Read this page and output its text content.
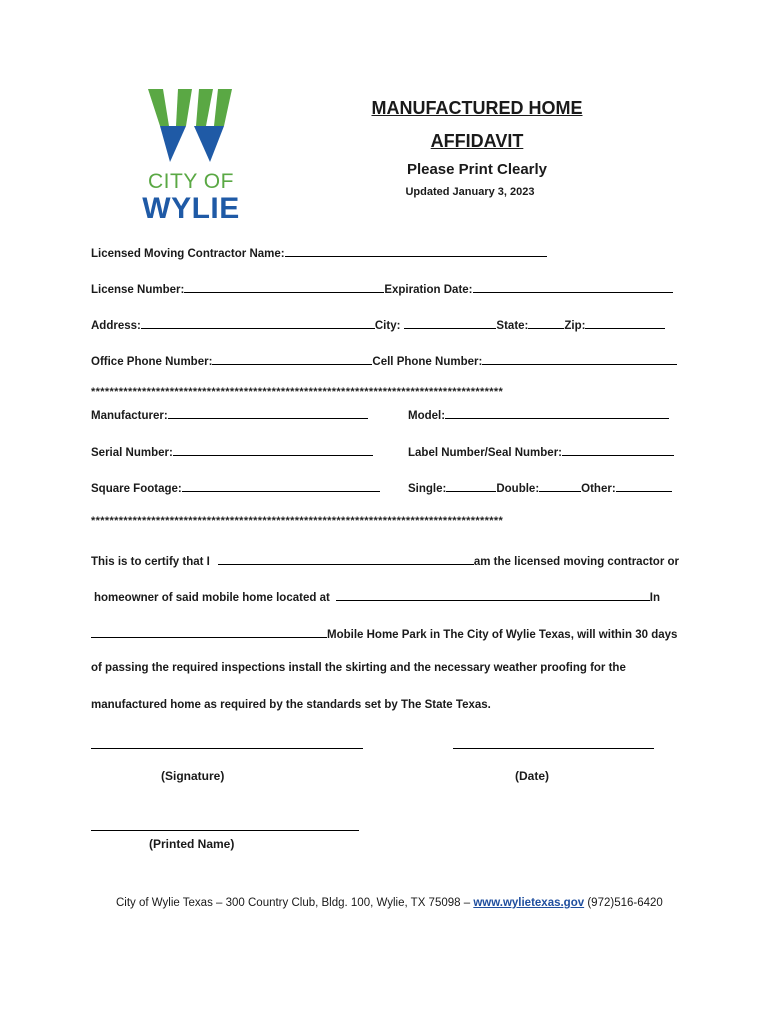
CITY OF
WYLIE
MANUFACTURED HOME
AFFIDAVIT
Please Print Clearly
Updated January 3, 2023
Licensed Moving Contractor Name:
License Number:	Expiration Date:
Address:	City:	State:	Zip:
Office Phone Number:	Cell Phone Number:
*****************************************************************************************
Manufacturer:	Model:
Serial Number:	Label Number/Seal Number:
Square Footage:	Single:	Double:	Other:
*****************************************************************************************
This is to certify that I	am the licensed moving contractor or
homeowner of said mobile home located at	In
Mobile Home Park in The City of Wylie Texas, will within 30 days
of passing the required inspections install the skirting and the necessary weather proofing for the
manufactured home as required by the standards set by The State Texas.
(Signature)	(Date)
(Printed Name)
City of Wylie Texas – 300 Country Club, Bldg. 100, Wylie, TX 75098 – www.wylietexas.gov (972)516-6420
